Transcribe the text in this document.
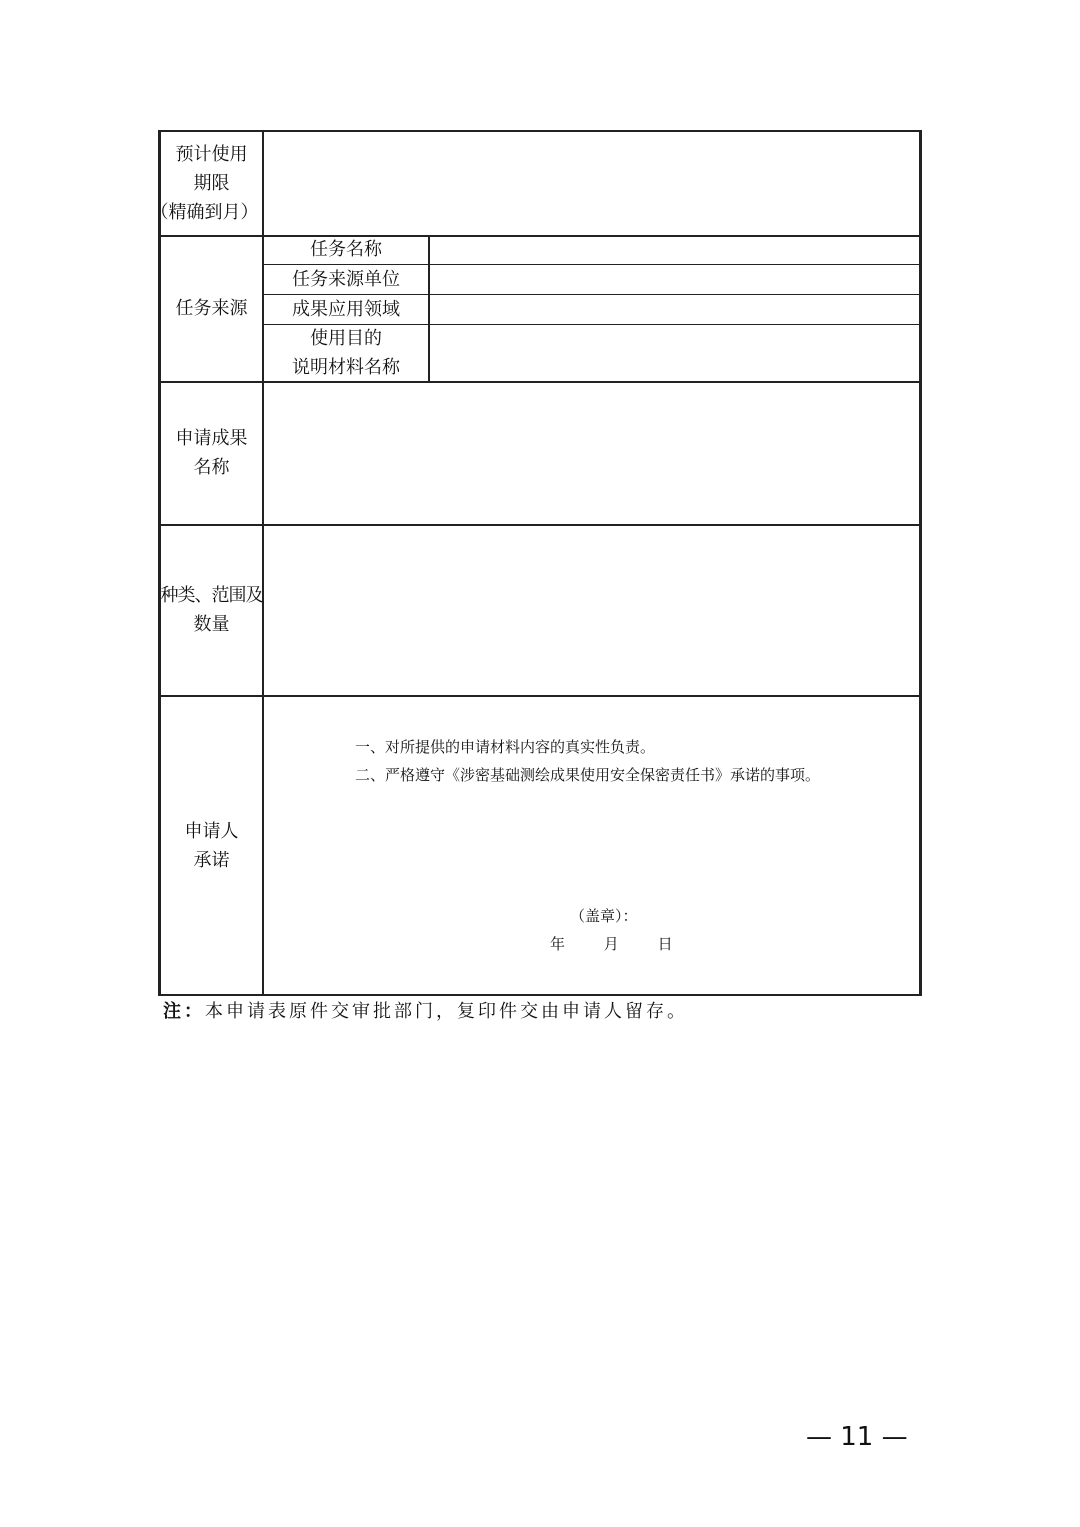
预计使用
期限
（精确到月）
任务来源
任务名称
任务来源单位
成果应用领域
使用目的
说明材料名称
申请成果
名称
种类、范围及
数量
申请人
承诺
一、对所提供的申请材料内容的真实性负责。
二、严格遵守《涉密基础测绘成果使用安全保密责任书》承诺的事项。
（盖章）：
年	月	日
注：本申请表原件交审批部门，复印件交由申请人留存。
— 11 —
